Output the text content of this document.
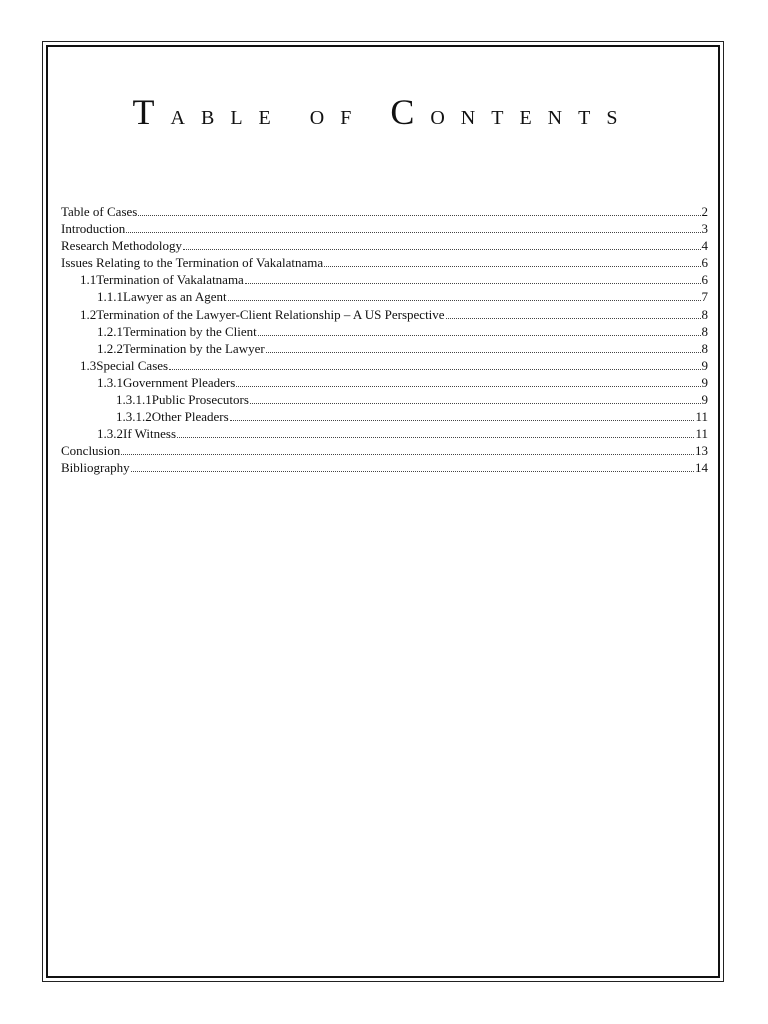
Table of Contents
Table of Cases	2
Introduction	3
Research Methodology	4
Issues Relating to the Termination of Vakalatnama	6
1.1 Termination of Vakalatnama	6
1.1.1 Lawyer as an Agent	7
1.2 Termination of the Lawyer-Client Relationship – A US Perspective	8
1.2.1 Termination by the Client	8
1.2.2 Termination by the Lawyer	8
1.3 Special Cases	9
1.3.1 Government Pleaders	9
1.3.1.1 Public Prosecutors	9
1.3.1.2 Other Pleaders	11
1.3.2 If Witness	11
Conclusion	13
Bibliography	14
